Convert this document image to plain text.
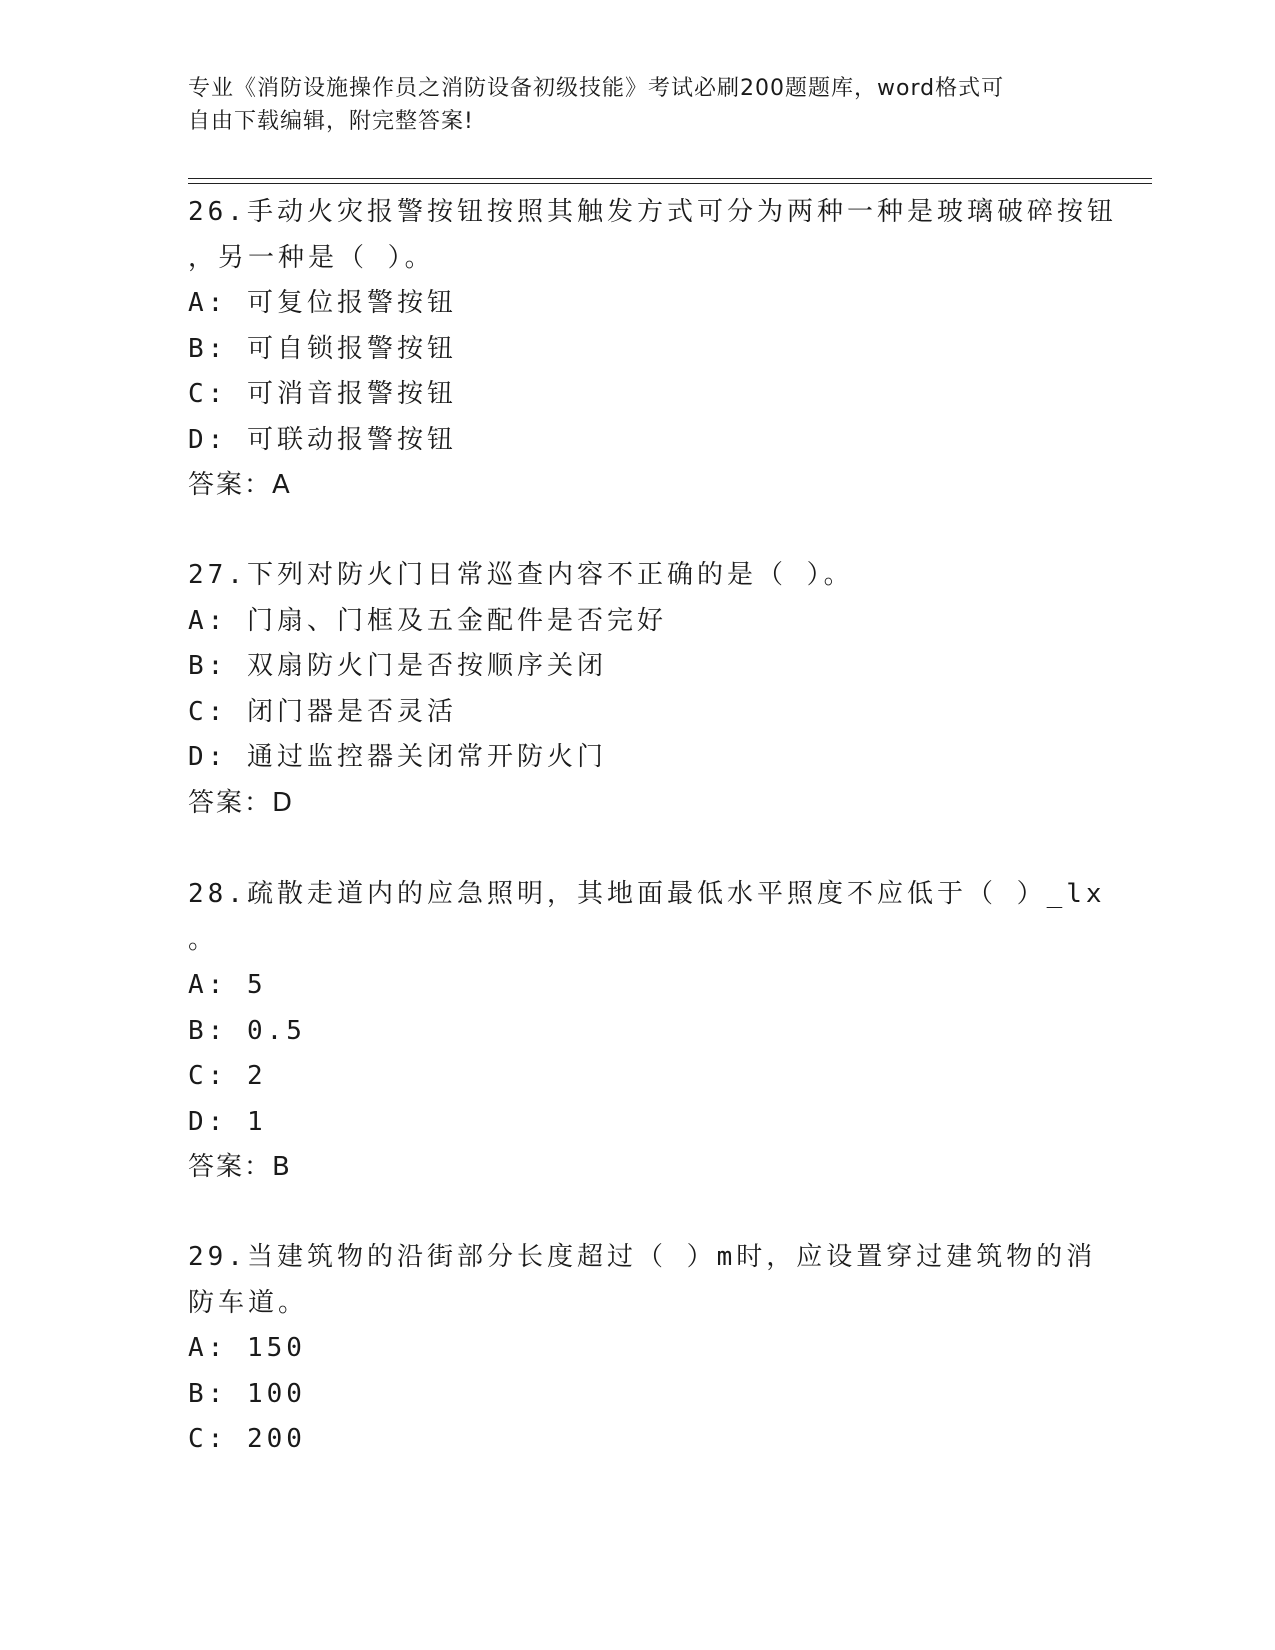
专业《消防设施操作员之消防设备初级技能》考试必刷200题题库，word格式可
自由下载编辑，附完整答案!
26.手动火灾报警按钮按照其触发方式可分为两种一种是玻璃破碎按钮
，另一种是（ ）。
A: 可复位报警按钮
B: 可自锁报警按钮
C: 可消音报警按钮
D: 可联动报警按钮
答案：A
27.下列对防火门日常巡查内容不正确的是（ ）。
A: 门扇、门框及五金配件是否完好
B: 双扇防火门是否按顺序关闭
C: 闭门器是否灵活
D: 通过监控器关闭常开防火门
答案：D
28.疏散走道内的应急照明，其地面最低水平照度不应低于（ ）_lx
。
A: 5
B: 0.5
C: 2
D: 1
答案：B
29.当建筑物的沿街部分长度超过（ ）m时，应设置穿过建筑物的消
防车道。
A: 150
B: 100
C: 200
